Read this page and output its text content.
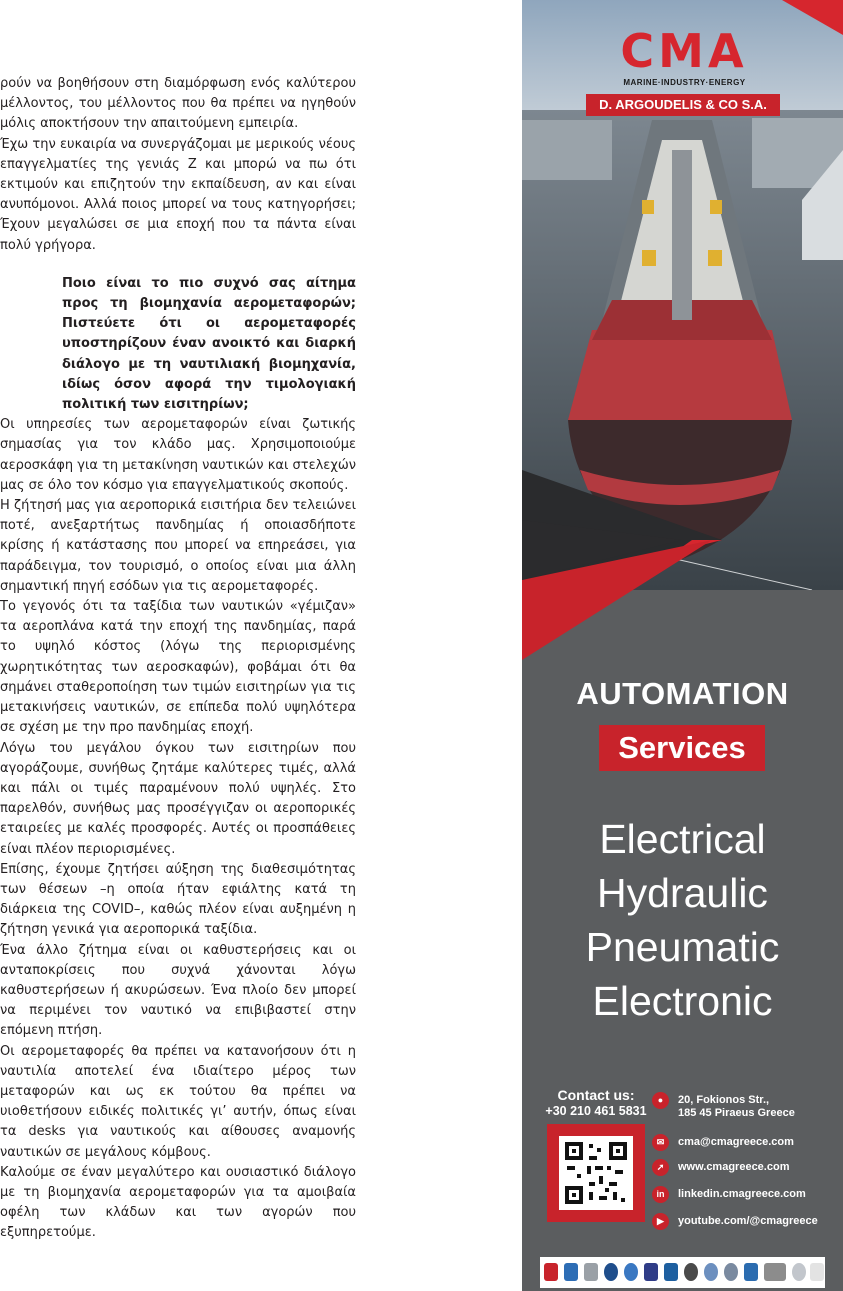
ρούν να βοηθήσουν στη διαμόρφωση ενός καλύτερου μέλλοντος, του μέλλοντος που θα πρέπει να ηγηθούν μόλις αποκτήσουν την απαιτούμενη εμπειρία.

Έχω την ευκαιρία να συνεργάζομαι με μερικούς νέους επαγγελματίες της γενιάς Ζ και μπορώ να πω ότι εκτιμούν και επιζητούν την εκπαίδευση, αν και είναι ανυπόμονοι. Αλλά ποιος μπορεί να τους κατηγορήσει; Έχουν μεγαλώσει σε μια εποχή που τα πάντα είναι πολύ γρήγορα.

Ποιο είναι το πιο συχνό σας αίτημα προς τη βιομηχανία αερομεταφορών; Πιστεύετε ότι οι αερομεταφορές υποστηρίζουν έναν ανοικτό και διαρκή διάλογο με τη ναυτιλιακή βιομηχανία, ιδίως όσον αφορά την τιμολογιακή πολιτική των εισιτηρίων;

Οι υπηρεσίες των αερομεταφορών είναι ζωτικής σημασίας για τον κλάδο μας. Χρησιμοποιούμε αεροσκάφη για τη μετακίνηση ναυτικών και στελεχών μας σε όλο τον κόσμο για επαγγελματικούς σκοπούς.

Η ζήτησή μας για αεροπορικά εισιτήρια δεν τελειώνει ποτέ, ανεξαρτήτως πανδημίας ή οποιασδήποτε κρίσης ή κατάστασης που μπορεί να επηρεάσει, για παράδειγμα, τον τουρισμό, ο οποίος είναι μια άλλη σημαντική πηγή εσόδων για τις αερομεταφορές.

Το γεγονός ότι τα ταξίδια των ναυτικών «γέμιζαν» τα αεροπλάνα κατά την εποχή της πανδημίας, παρά το υψηλό κόστος (λόγω της περιορισμένης χωρητικότητας των αεροσκαφών), φοβάμαι ότι θα σημάνει σταθεροποίηση των τιμών εισιτηρίων για τις μετακινήσεις ναυτικών, σε επίπεδα πολύ υψηλότερα σε σχέση με την προ πανδημίας εποχή.

Λόγω του μεγάλου όγκου των εισιτηρίων που αγοράζουμε, συνήθως ζητάμε καλύτερες τιμές, αλλά και πάλι οι τιμές παραμένουν πολύ υψηλές. Στο παρελθόν, συνήθως μας προσέγγιζαν οι αεροπορικές εταιρείες με καλές προσφορές. Αυτές οι προσπάθειες είναι πλέον περιορισμένες.

Επίσης, έχουμε ζητήσει αύξηση της διαθεσιμότητας των θέσεων –η οποία ήταν εφιάλτης κατά τη διάρκεια της COVID–, καθώς πλέον είναι αυξημένη η ζήτηση γενικά για αεροπορικά ταξίδια.

Ένα άλλο ζήτημα είναι οι καθυστερήσεις και οι ανταποκρίσεις που συχνά χάνονται λόγω καθυστερήσεων ή ακυρώσεων. Ένα πλοίο δεν μπορεί να περιμένει τον ναυτικό να επιβιβαστεί στην επόμενη πτήση.

Οι αερομεταφορές θα πρέπει να κατανοήσουν ότι η ναυτιλία αποτελεί ένα ιδιαίτερο μέρος των μεταφορών και ως εκ τούτου θα πρέπει να υιοθετήσουν ειδικές πολιτικές γι’ αυτήν, όπως είναι τα desks για ναυτικούς και αίθουσες αναμονής ναυτικών σε μεγάλους κόμβους.

Καλούμε σε έναν μεγαλύτερο και ουσιαστικό διάλογο με τη βιομηχανία αερομεταφορών για τα αμοιβαία οφέλη των κλάδων και των αγορών που εξυπηρετούμε.

CMA
MARINE·INDUSTRY·ENERGY
D. ARGOUDELIS & CO S.A.
AUTOMATION
Services
Electrical
Hydraulic
Pneumatic
Electronic
Contact us:
+30 210 461 5831
●	20, Fokionos Str.,
185 45 Piraeus Greece
✉	cma@cmagreece.com
➚	www.cmagreece.com
in	linkedin.cmagreece.com
▶	youtube.com/@cmagreece
